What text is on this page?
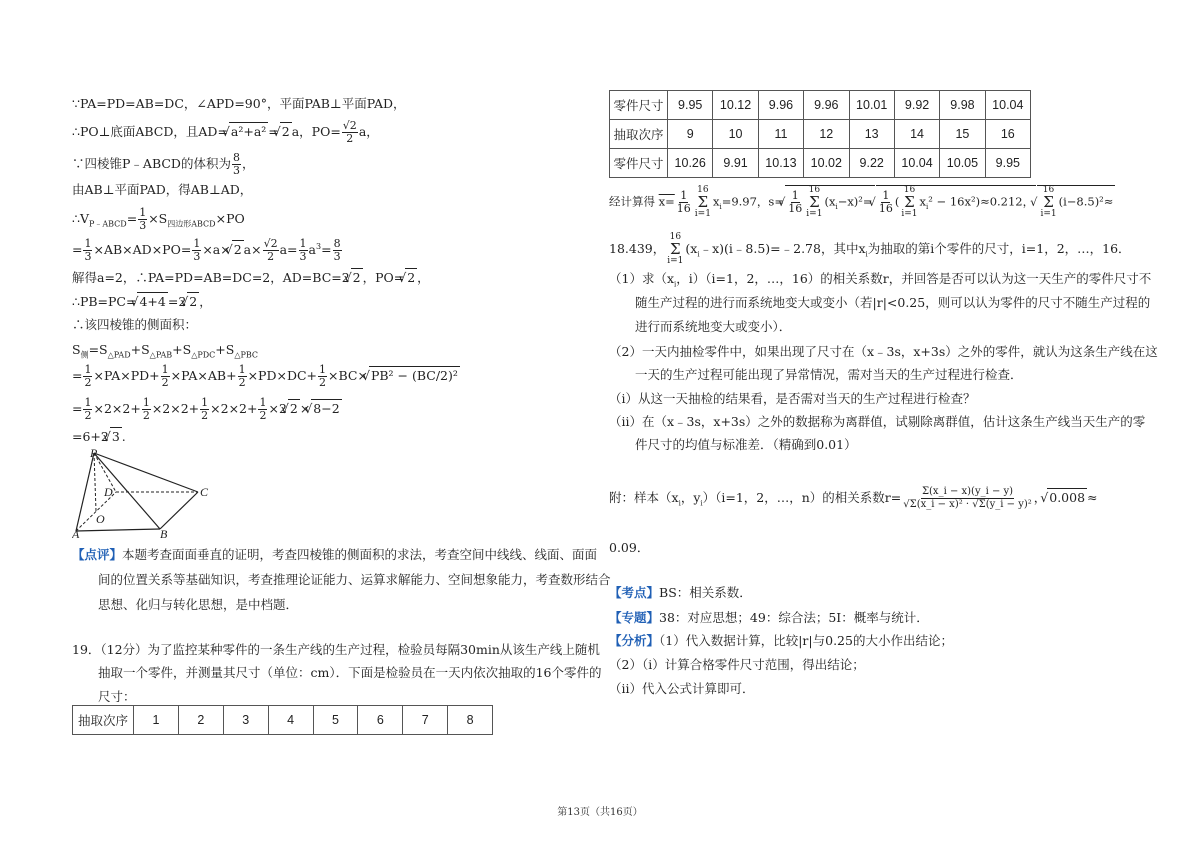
∵PA=PD=AB=DC，∠APD=90°，平面PAB⊥平面PAD，
∴PO⊥底面ABCD，且AD= √ a²+a² = √ 2 a，$PO= \frac{√2}{2}$ a，
∵四棱锥P﹣ABCD的体积为 $\frac{8}{3}$ ，
由AB⊥平面PAD，得AB⊥AD，
$\therefore V_{P﹣ABCD}= \frac{1}{3} \times S_{四边形ABCD}\times PO$
= $\frac{1}{3} \times AB\times AD\times PO= \frac{1}{3} \times a\times$ √ 2 $a\times \frac{√2}{2} a= \frac{1}{3} a^3= \frac{8}{3}$
解得a=2，∴PA=PD=AB=DC=2，AD=BC=2 √ 2 ，PO= √ 2 ，
∴PB=PC= √ 4+4 =2 √ 2 ，
∴该四棱锥的侧面积：
$S_侧=S_{\triangle PAD}+S_{\triangle PAB}+S_{\triangle PDC}+S_{\triangle PBC}$
= $\frac{1}{2} \times PA\times PD+ \frac{1}{2} \times PA\times AB+ \frac{1}{2} \times PD\times DC+ \frac{1}{2} \times BC\times$ √ PB² − (BC/2)²
= $\frac{1}{2} \times 2\times 2+ \frac{1}{2} \times 2\times 2+ \frac{1}{2} \times 2\times 2+ \frac{1}{2} \times 2$ √ 2 × √ 8−2
=6+2 √ 3 .
P
D	C
O
A	B
【点评】本题考查面面垂直的证明，考查四棱锥的侧面积的求法，考查空间中线线、线面、面面
间的位置关系等基础知识，考查推理论证能力、运算求解能力、空间想象能力，考查数形结合
思想、化归与转化思想，是中档题．
19．（12分）为了监控某种零件的一条生产线的生产过程，检验员每隔30min从该生产线上随机
抽取一个零件，并测量其尺寸（单位：cm）．下面是检验员在一天内依次抽取的16个零件的
尺寸：
抽取次序	1	2	3	4	5	6	7	8
零件尺寸	9.95	10.12	9.96	9.96	10.01	9.92	9.98	10.04
抽取次序	9	10	11	12	13	14	15	16
零件尺寸	10.26	9.91	10.13	10.02	9.22	10.04	10.05	9.95
经计算得 $x= \frac{1}{16} 16$
Σ
i=1
$x_i=9.97$，s= √ $\frac{1}{16} 16$
Σ
i=1
$(x_i-x)^2=$ √ $\frac{1}{16}$ (
16
Σ
i=1
$x_i^2 - 16x^2)\approx 0.212$，
√ 16
Σ
i=1
(i−8.5)²≈
18.439，
16
Σ
i=1
$(x_i﹣x)(i﹣8.5)=﹣2.78$，其中$x_i$为抽取的第i个零件的尺寸，i=1，2，…，16．
（1）求（$x_i$，i）（i=1，2，…，16）的相关系数r，并回答是否可以认为这一天生产的零件尺寸不
随生产过程的进行而系统地变大或变小（若|r|<0.25，则可以认为零件的尺寸不随生产过程的
进行而系统地变大或变小）．
（2）一天内抽检零件中，如果出现了尺寸在（x﹣3s，x+3s）之外的零件，就认为这条生产线在这
一天的生产过程可能出现了异常情况，需对当天的生产过程进行检查．
（ⅰ）从这一天抽检的结果看，是否需对当天的生产过程进行检查？
（ⅱ）在（x﹣3s，x+3s）之外的数据称为离群值，试剔除离群值，估计这条生产线当天生产的零
件尺寸的均值与标准差．（精确到0.01）
附：样本（$x_i$，$y_i)(i=1$，2，…，n）的相关系数$r= \frac{\Sigma(x\_i - x)(y\_i - y)}{\text{√Σ(x\_i − x)² · √Σ(y\_i − y)²}}$ ， √ 0.008 ≈
0.09．
【考点】BS：相关系数．
【专题】38：对应思想；49：综合法；5I：概率与统计．
【分析】（1）代入数据计算，比较|r|与0.25的大小作出结论；
（2）（i）计算合格零件尺寸范围，得出结论；
（ii）代入公式计算即可．
第13页（共16页）
